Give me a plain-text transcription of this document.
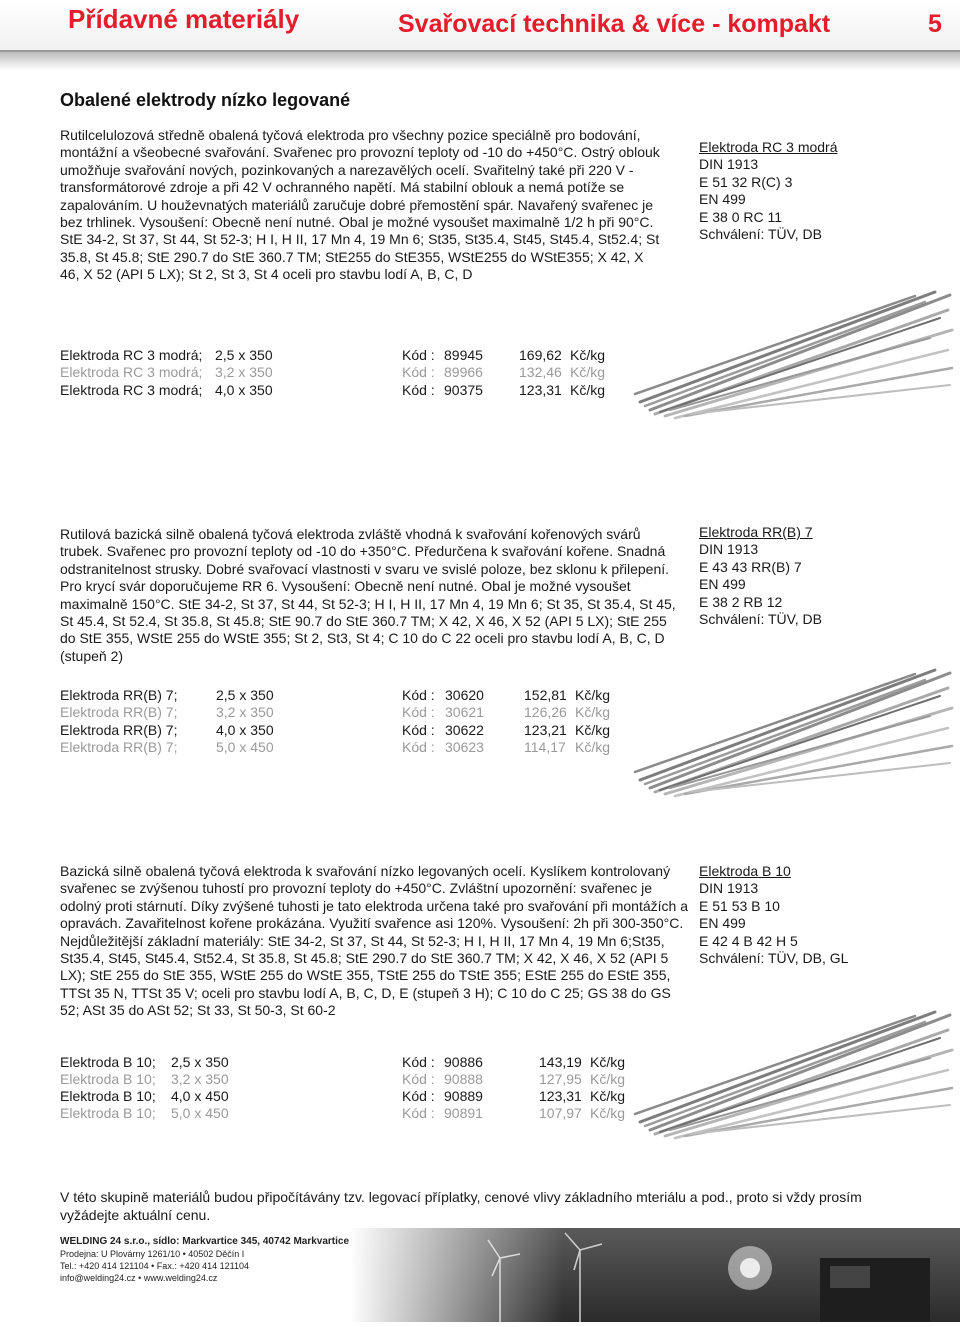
Přídavné materiály	Svařovací technika & více - kompakt	5
Obalené elektrody nízko legované
Rutilcelulozová středně obalená tyčová elektroda pro všechny pozice speciálně pro bodování, montážní a všeobecné svařování. Svařenec pro provozní teploty od -10 do +450°C. Ostrý oblouk umožňuje svařování nových, pozinkovaných a narezavělých ocelí. Svařitelný také při 220 V - transformátorové zdroje a při 42 V ochranného napětí. Má stabilní oblouk a nemá potíže se zapalováním. U houževnatých materiálů zaručuje dobré přemostění spár. Navařený svařenec je bez trhlinek. Vysoušení: Obecně není nutné. Obal je možné vysoušet maximalně 1/2 h při 90°C. StE 34-2, St 37, St 44, St 52-3; H I, H II, 17 Mn 4, 19 Mn 6; St35, St35.4, St45, St45.4, St52.4; St 35.8, St 45.8; StE 290.7 do StE 360.7 TM; StE255 do StE355, WStE255 do WStE355; X 42, X 46, X 52 (API 5 LX); St 2, St 3, St 4 oceli pro stavbu lodí A, B, C, D
Elektroda RC 3 modrá
DIN 1913
E 51 32 R(C) 3
EN 499
E 38 0 RC 11
Schválení: TÜV, DB
Elektroda RC 3 modrá; 2,5 x 350	Kód : 89945	169,62 Kč/kg
Elektroda RC 3 modrá; 3,2 x 350	Kód : 89966	132,46 Kč/kg
Elektroda RC 3 modrá; 4,0 x 350	Kód : 90375	123,31 Kč/kg
Rutilová bazická silně obalená tyčová elektroda zvláště vhodná k svařování kořenových svárů trubek. Svařenec pro provozní teploty od -10 do +350°C. Předurčena k svařování kořene. Snadná odstranitelnost strusky. Dobré svařovací vlastnosti v svaru ve svislé poloze, bez sklonu k přilepení. Pro krycí svár doporučujeme RR 6. Vysoušení: Obecně není nutné. Obal je možné vysoušet maximalně 150°C. StE 34-2, St 37, St 44, St 52-3; H I, H II, 17 Mn 4, 19 Mn 6; St 35, St 35.4, St 45, St 45.4, St 52.4, St 35.8, St 45.8; StE 90.7 do StE 360.7 TM; X 42, X 46, X 52 (API 5 LX); StE 255 do StE 355, WStE 255 do WStE 355; St 2, St3, St 4; C 10 do C 22 oceli pro stavbu lodí A, B, C, D (stupeň 2)
Elektroda RR(B) 7
DIN 1913
E 43 43 RR(B) 7
EN 499
E 38 2 RB 12
Schválení: TÜV, DB
Elektroda RR(B) 7;	2,5 x 350	Kód : 30620	152,81 Kč/kg
Elektroda RR(B) 7;	3,2 x 350	Kód : 30621	126,26 Kč/kg
Elektroda RR(B) 7;	4,0 x 350	Kód : 30622	123,21 Kč/kg
Elektroda RR(B) 7;	5,0 x 450	Kód : 30623	114,17 Kč/kg
Bazická silně obalená tyčová elektroda k svařování nízko legovaných ocelí. Kyslíkem kontrolovaný svařenec se zvýšenou tuhostí pro provozní teploty do +450°C. Zvláštní upozornění: svařenec je odolný proti stárnutí. Díky zvýšené tuhosti je tato elektroda určena také pro svařování při montážích a opravách. Zavařitelnost kořene prokázána. Využití svařence asi 120%. Vysoušení: 2h při 300-350°C. Nejdůležitější základní materiály: StE 34-2, St 37, St 44, St 52-3; H I, H II, 17 Mn 4, 19 Mn 6;St35, St35.4, St45, St45.4, St52.4, St 35.8, St 45.8; StE 290.7 do StE 360.7 TM; X 42, X 46, X 52 (API 5 LX); StE 255 do StE 355, WStE 255 do WStE 355, TStE 255 do TStE 355; EStE 255 do EStE 355, TTSt 35 N, TTSt 35 V; oceli pro stavbu lodí A, B, C, D, E (stupeň 3 H); C 10 do C 25; GS 38 do GS 52; ASt 35 do ASt 52; St 33, St 50-3, St 60-2
Elektroda B 10
DIN 1913
E 51 53 B 10
EN 499
E 42 4 B 42 H 5
Schválení: TÜV, DB, GL
Elektroda B 10; 2,5 x 350	Kód : 90886	143,19 Kč/kg
Elektroda B 10; 3,2 x 350	Kód : 90888	127,95 Kč/kg
Elektroda B 10; 4,0 x 450	Kód : 90889	123,31 Kč/kg
Elektroda B 10; 5,0 x 450	Kód : 90891	107,97 Kč/kg
V této skupině materiálů budou připočítávány tzv. legovací příplatky, cenové vlivy základního mteriálu a pod., proto si vždy prosím vyžádejte aktuální cenu.
WELDING 24 s.r.o., sídlo: Markvartice 345, 40742 Markvartice
Prodejna: U Plovárny 1261/10 • 40502 Děčín I
Tel.: +420 414 121104 • Fax.: +420 414 121104
info@welding24.cz • www.welding24.cz
